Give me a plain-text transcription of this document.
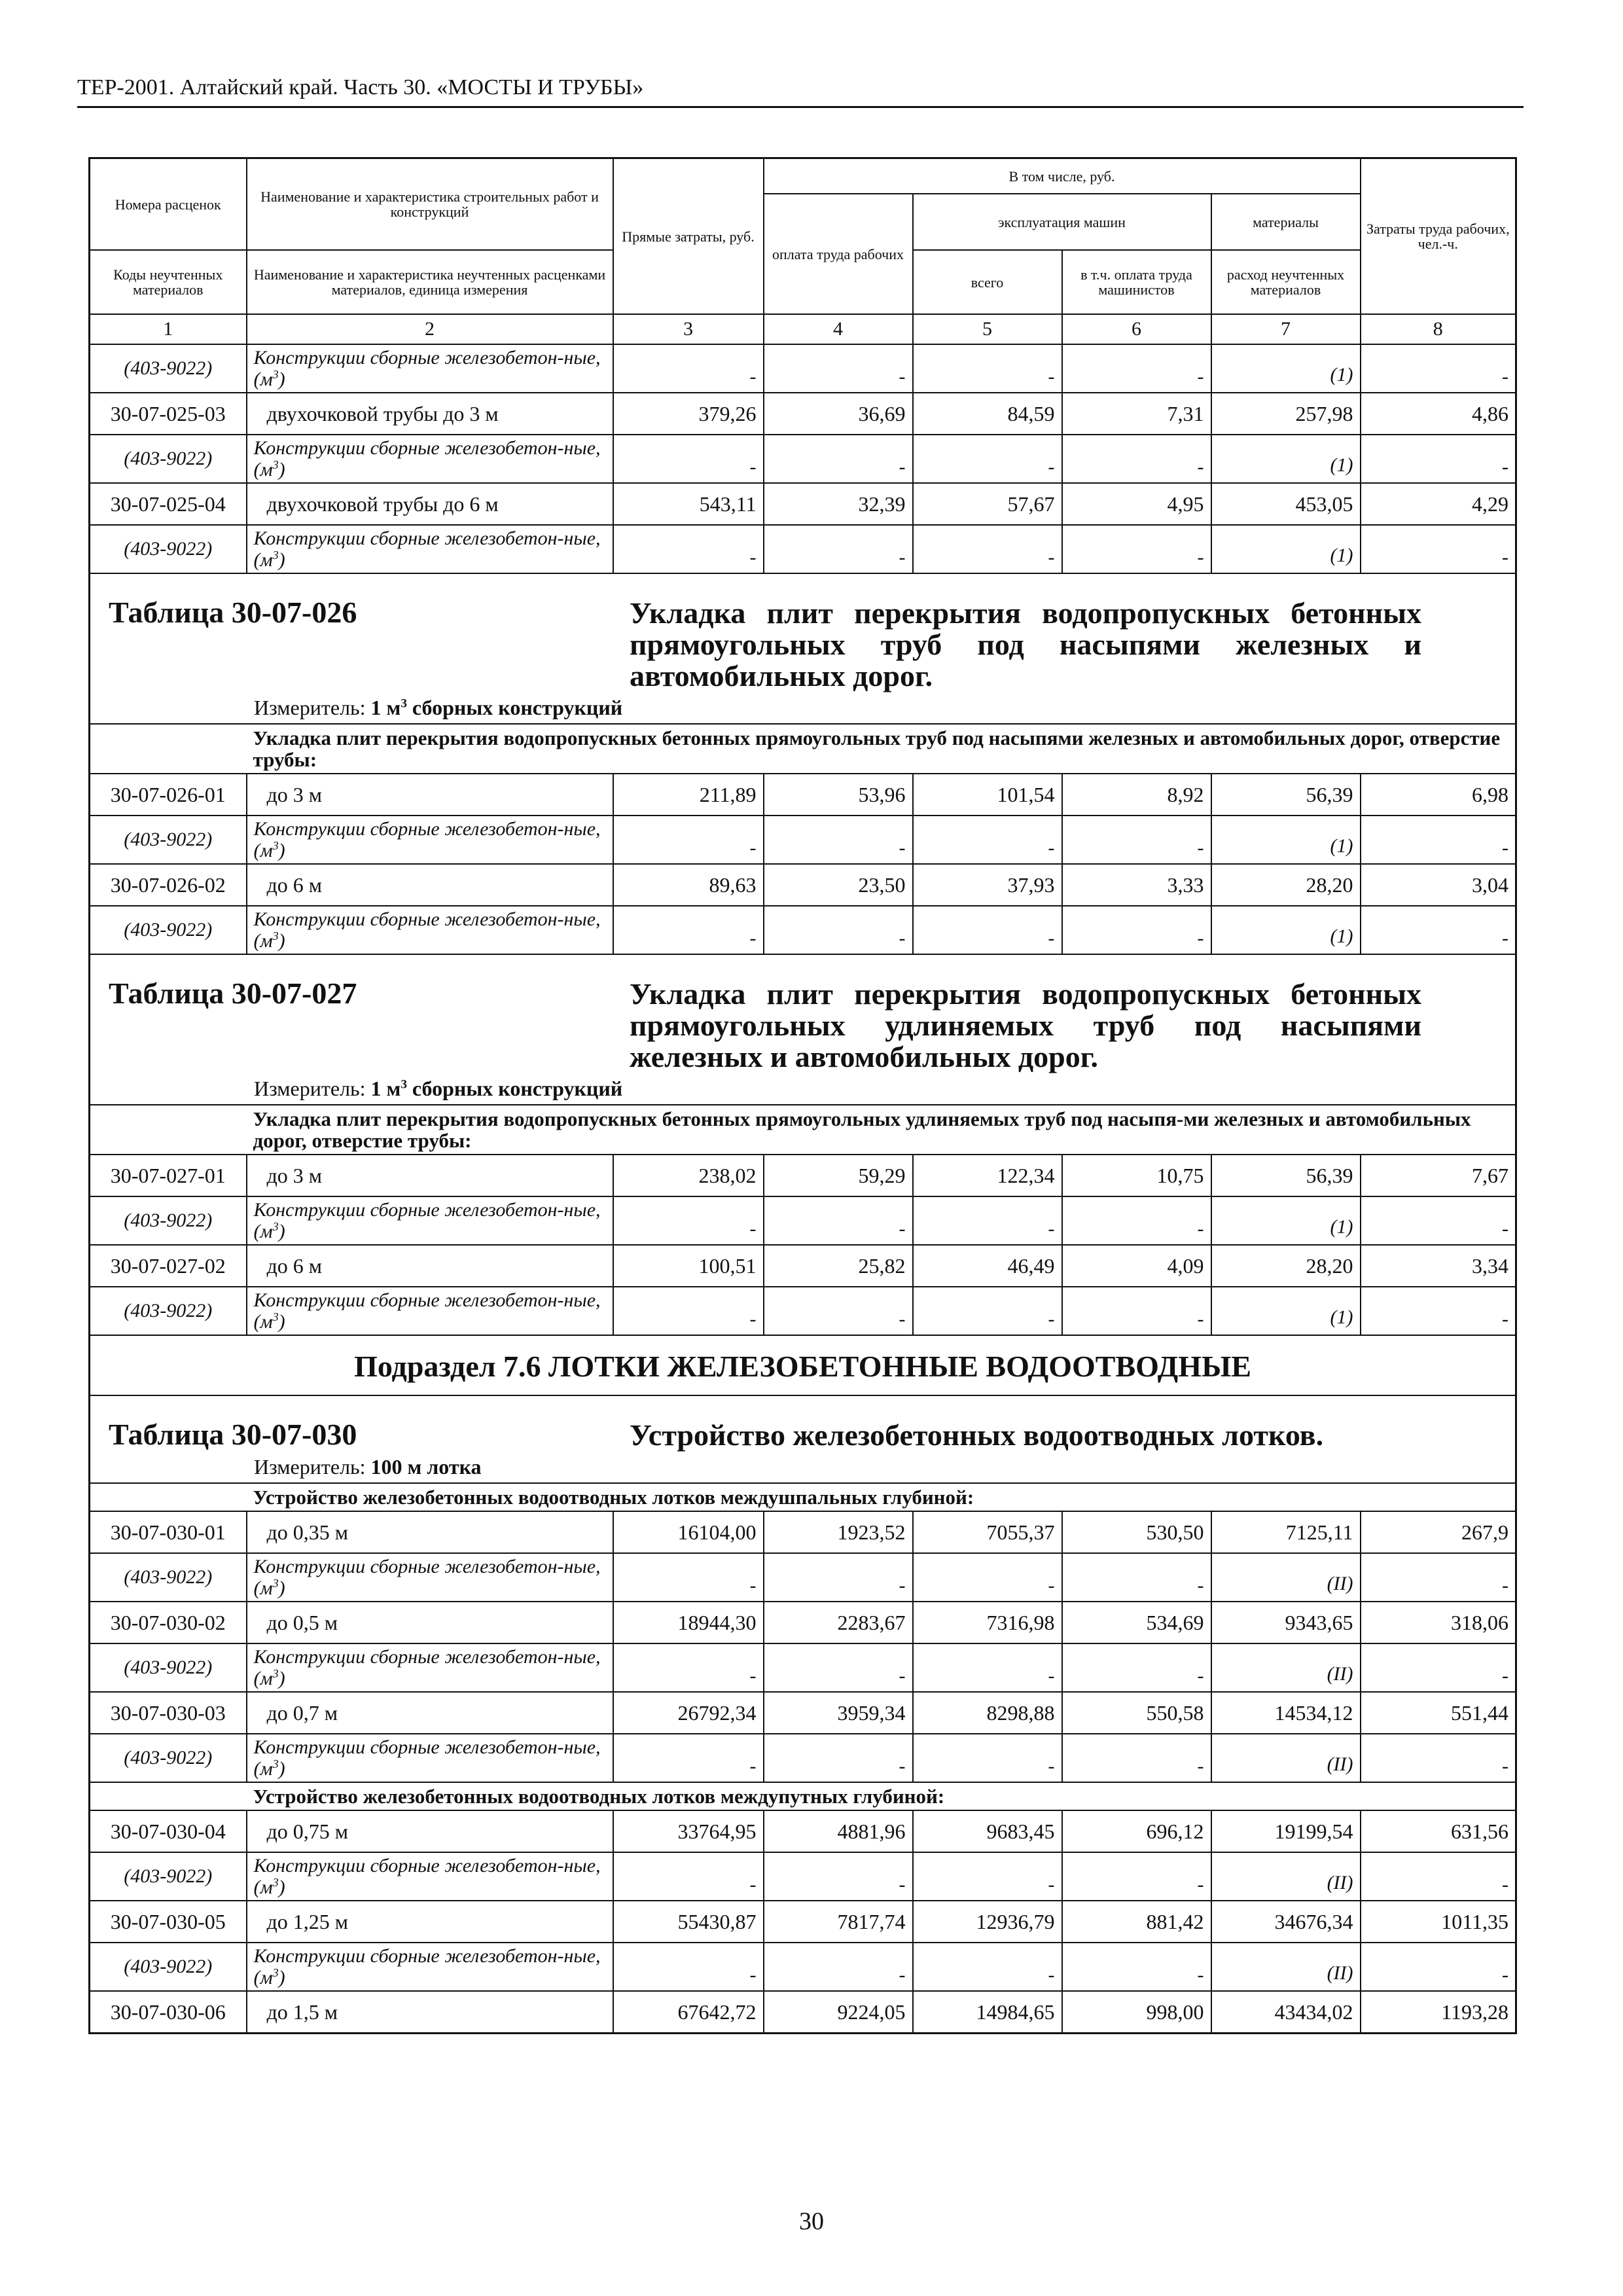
ТЕР-2001. Алтайский край. Часть 30. «МОСТЫ И ТРУБЫ»
Номера расценок	Наименование и характеристика строительных работ и конструкций	Прямые затраты, руб.	В том числе, руб.				Затраты труда рабочих, чел.-ч.
			оплата труда рабочих	эксплуатация машин		материалы	
Коды неучтенных материалов	Наименование и характеристика неучтенных расценками материалов, единица измерения			всего	в т.ч. оплата труда машинистов	расход неучтенных материалов	
1	2	3	4	5	6	7	8
(403-9022)	Конструкции сборные железобетон-ные, $(м^3)$	-	-	-	-	(1)	-
30-07-025-03	двухочковой трубы до 3 м	379,26	36,69	84,59	7,31	257,98	4,86
(403-9022)	Конструкции сборные железобетон-ные, $(м^3)$	-	-	-	-	(1)	-
30-07-025-04	двухочковой трубы до 6 м	543,11	32,39	57,67	4,95	453,05	4,29
(403-9022)	Конструкции сборные железобетон-ные, $(м^3)$	-	-	-	-	(1)	-

Таблица 30-07-026 Укладка плит перекрытия водопропускных бетонных прямоугольных труб под насыпями железных и автомобильных дорог.
Измеритель: 1 $м^3$ сборных конструкций							

	Укладка плит перекрытия водопропускных бетонных прямоугольных труб под насыпями железных и автомобильных дорог, отверстие трубы:						
30-07-026-01	до 3 м	211,89	53,96	101,54	8,92	56,39	6,98
(403-9022)	Конструкции сборные железобетон-ные, $(м^3)$	-	-	-	-	(1)	-
30-07-026-02	до 6 м	89,63	23,50	37,93	3,33	28,20	3,04
(403-9022)	Конструкции сборные железобетон-ные, $(м^3)$	-	-	-	-	(1)	-

Таблица 30-07-027 Укладка плит перекрытия водопропускных бетонных прямоугольных удлиняемых труб под насыпями железных и автомобильных дорог.
Измеритель: 1 $м^3$ сборных конструкций							

	Укладка плит перекрытия водопропускных бетонных прямоугольных удлиняемых труб под насыпя-ми железных и автомобильных дорог, отверстие трубы:						
30-07-027-01	до 3 м	238,02	59,29	122,34	10,75	56,39	7,67
(403-9022)	Конструкции сборные железобетон-ные, $(м^3)$	-	-	-	-	(1)	-
30-07-027-02	до 6 м	100,51	25,82	46,49	4,09	28,20	3,34
(403-9022)	Конструкции сборные железобетон-ные, $(м^3)$	-	-	-	-	(1)	-

Подраздел 7.6 ЛОТКИ ЖЕЛЕЗОБЕТОННЫЕ ВОДООТВОДНЫЕ							

Таблица 30-07-030 Устройство железобетонных водоотводных лотков.
Измеритель: 100 м лотка							

	Устройство железобетонных водоотводных лотков междушпальных глубиной:						
30-07-030-01	до 0,35 м	16104,00	1923,52	7055,37	530,50	7125,11	267,9
(403-9022)	Конструкции сборные железобетон-ные, $(м^3)$	-	-	-	-	(II)	-
30-07-030-02	до 0,5 м	18944,30	2283,67	7316,98	534,69	9343,65	318,06
(403-9022)	Конструкции сборные железобетон-ные, $(м^3)$	-	-	-	-	(II)	-
30-07-030-03	до 0,7 м	26792,34	3959,34	8298,88	550,58	14534,12	551,44
(403-9022)	Конструкции сборные железобетон-ные, $(м^3)$	-	-	-	-	(II)	-
	Устройство железобетонных водоотводных лотков междупутных глубиной:						
30-07-030-04	до 0,75 м	33764,95	4881,96	9683,45	696,12	19199,54	631,56
(403-9022)	Конструкции сборные железобетон-ные, $(м^3)$	-	-	-	-	(II)	-
30-07-030-05	до 1,25 м	55430,87	7817,74	12936,79	881,42	34676,34	1011,35
(403-9022)	Конструкции сборные железобетон-ные, $(м^3)$	-	-	-	-	(II)	-
30-07-030-06	до 1,5 м	67642,72	9224,05	14984,65	998,00	43434,02	1193,28
30
